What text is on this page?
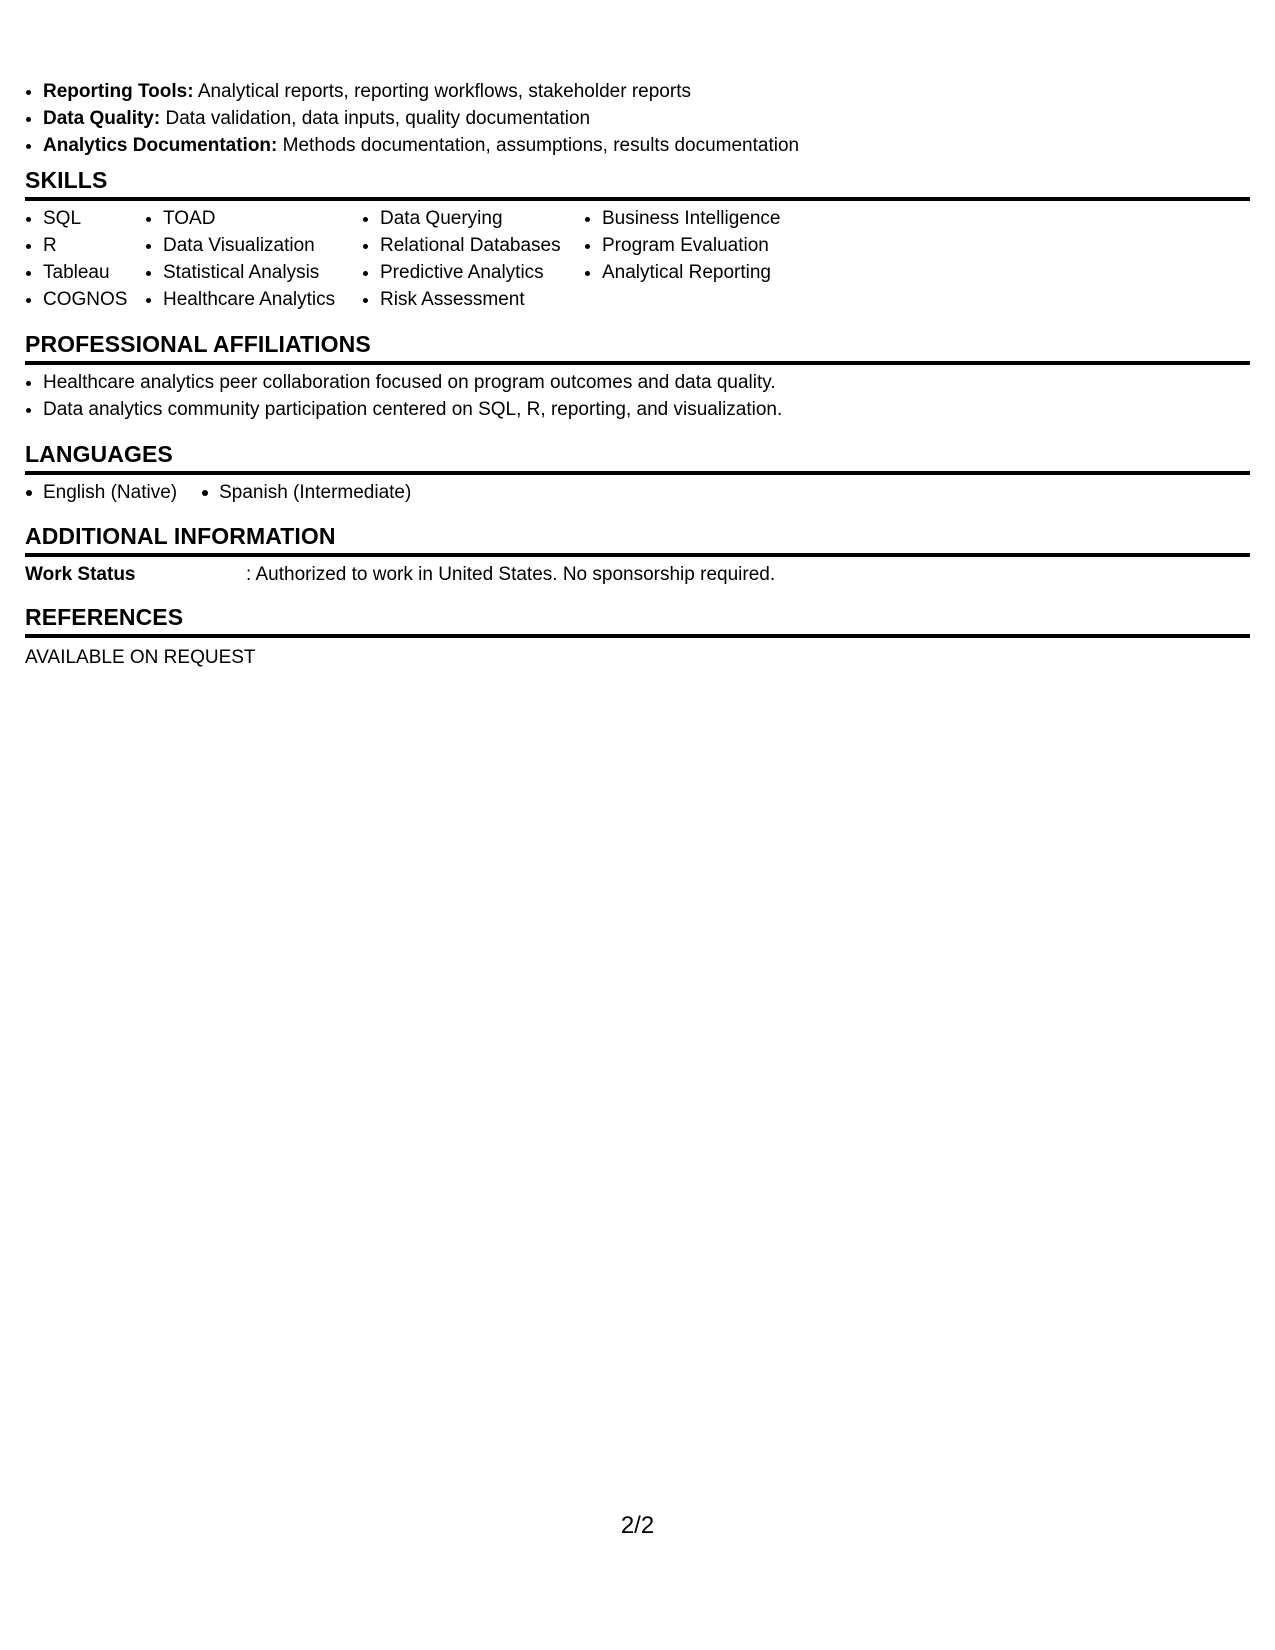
• Reporting Tools: Analytical reports, reporting workflows, stakeholder reports
• Data Quality: Data validation, data inputs, quality documentation
• Analytics Documentation: Methods documentation, assumptions, results documentation
SKILLS
• SQL
• R
• Tableau
• COGNOS
• TOAD
• Data Visualization
• Statistical Analysis
• Healthcare Analytics
• Data Querying
• Relational Databases
• Predictive Analytics
• Risk Assessment
• Business Intelligence
• Program Evaluation
• Analytical Reporting
PROFESSIONAL AFFILIATIONS
• Healthcare analytics peer collaboration focused on program outcomes and data quality.
• Data analytics community participation centered on SQL, R, reporting, and visualization.
LANGUAGES
English (Native)	Spanish (Intermediate)
ADDITIONAL INFORMATION
Work Status	: Authorized to work in United States. No sponsorship required.
REFERENCES
AVAILABLE ON REQUEST
2/2
